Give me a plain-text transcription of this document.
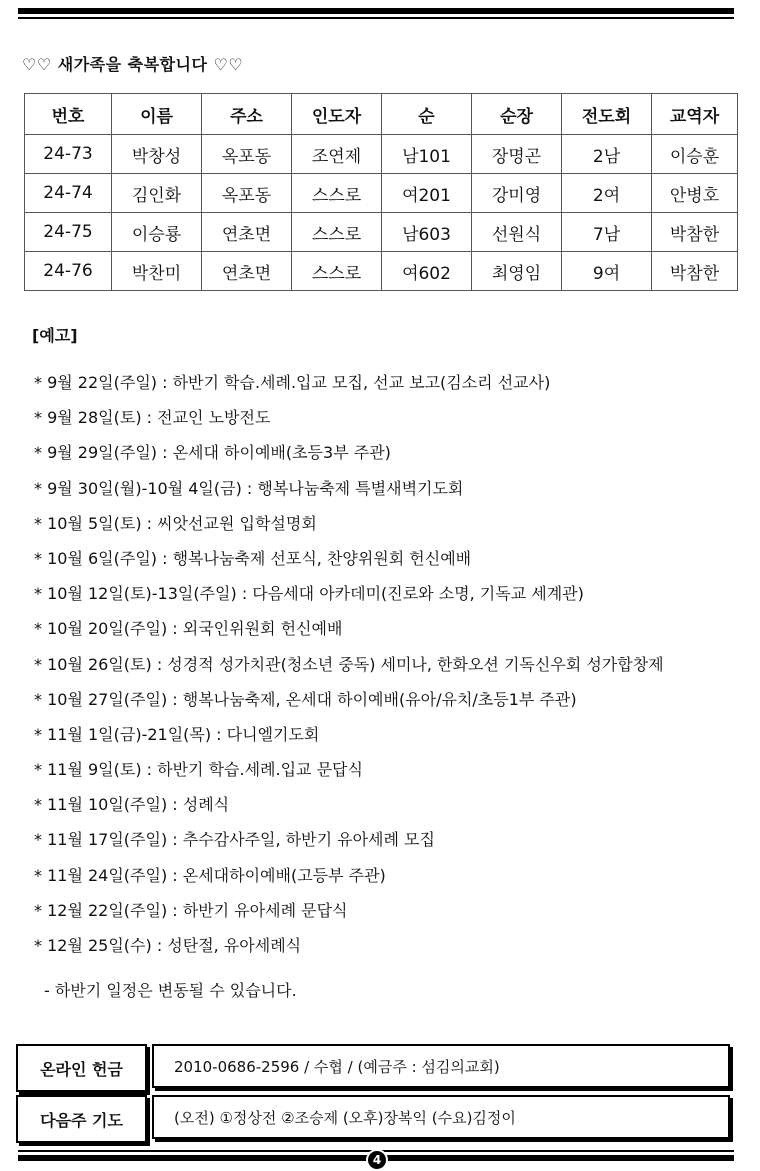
♡♡ 새가족을 축복합니다 ♡♡
번호	이름	주소	인도자	순	순장	전도회	교역자
24-73	박창성	옥포동	조연제	남101	장명곤	2남	이승훈
24-74	김인화	옥포동	스스로	여201	강미영	2여	안병호
24-75	이승룡	연초면	스스로	남603	선원식	7남	박참한
24-76	박찬미	연초면	스스로	여602	최영임	9여	박참한
[예고]
* 9월 22일(주일) : 하반기 학습.세례.입교 모집, 선교 보고(김소리 선교사)
* 9월 28일(토) : 전교인 노방전도
* 9월 29일(주일) : 온세대 하이예배(초등3부 주관)
* 9월 30일(월)-10월 4일(금) : 행복나눔축제 특별새벽기도회
* 10월 5일(토) : 씨앗선교원 입학설명회
* 10월 6일(주일) : 행복나눔축제 선포식, 찬양위원회 헌신예배
* 10월 12일(토)-13일(주일) : 다음세대 아카데미(진로와 소명, 기독교 세계관)
* 10월 20일(주일) : 외국인위원회 헌신예배
* 10월 26일(토) : 성경적 성가치관(청소년 중독) 세미나, 한화오션 기독신우회 성가합창제
* 10월 27일(주일) : 행복나눔축제, 온세대 하이예배(유아/유치/초등1부 주관)
* 11월 1일(금)-21일(목) : 다니엘기도회
* 11월 9일(토) : 하반기 학습.세례.입교 문답식
* 11월 10일(주일) : 성례식
* 11월 17일(주일) : 추수감사주일, 하반기 유아세례 모집
* 11월 24일(주일) : 온세대하이예배(고등부 주관)
* 12월 22일(주일) : 하반기 유아세례 문답식
* 12월 25일(수) : 성탄절, 유아세례식
- 하반기 일정은 변동될 수 있습니다.
온라인 헌금	2010-0686-2596 / 수협 / (예금주 : 섬김의교회)
다음주 기도	(오전) ①정상전 ②조승제 (오후)장복익 (수요)김정이
4
